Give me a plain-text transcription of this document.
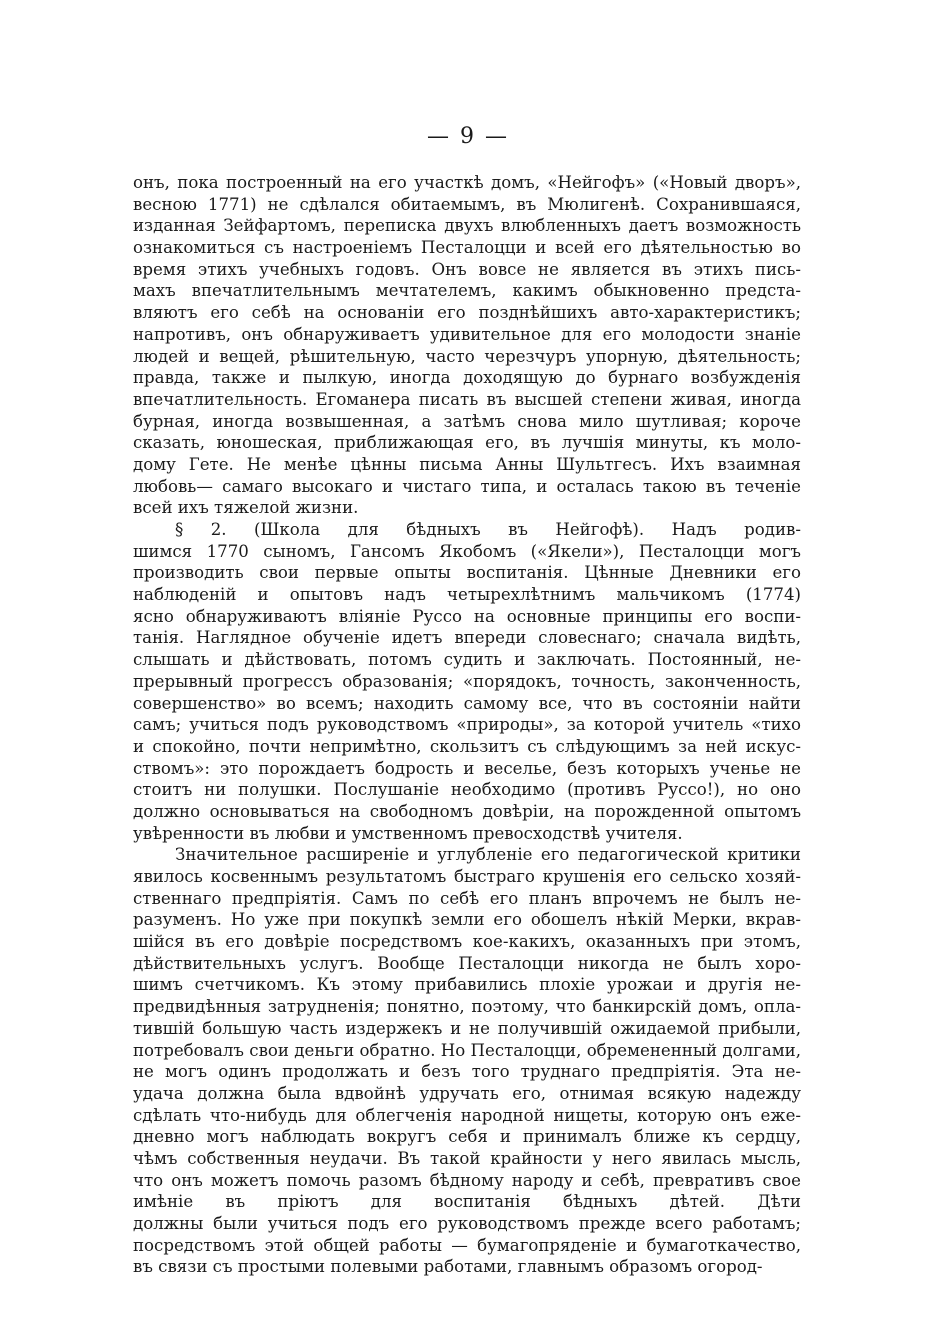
— 9 —
онъ, пока построенный на его участкѣ домъ, «Нейгофъ» («Новый дворъ»,
весною 1771) не сдѣлался обитаемымъ, въ Мюлигенѣ. Сохранившаяся,
изданная Зейфартомъ, переписка двухъ влюбленныхъ даетъ возможность
ознакомиться съ настроеніемъ Песталоцци и всей его дѣятельностью во
время этихъ учебныхъ годовъ. Онъ вовсе не является въ этихъ пись-
махъ впечатлительнымъ мечтателемъ, какимъ обыкновенно предста-
вляютъ его себѣ на основаніи его позднѣйшихъ авто-характеристикъ;
напротивъ, онъ обнаруживаетъ удивительное для его молодости знаніе
людей и вещей, рѣшительную, часто черезчуръ упорную, дѣятельность;
правда, также и пылкую, иногда доходящую до бурнаго возбужденія
впечатлительность. Егоманера писать въ высшей степени живая, иногда
бурная, иногда возвышенная, а затѣмъ снова мило шутливая; короче
сказать, юношеская, приближающая его, въ лучшія минуты, къ моло-
дому Гете. Не менѣе цѣнны письма Анны Шультгесъ. Ихъ взаимная
любовь— самаго высокаго и чистаго типа, и осталась такою въ теченіе
всей ихъ тяжелой жизни.
§ 2. (Школа для бѣдныхъ въ Нейгофѣ). Надъ родив-
шимся 1770 сыномъ, Гансомъ Якобомъ («Якели»), Песталоцци могъ
производить свои первые опыты воспитанія. Цѣнные Дневники его
наблюденій и опытовъ надъ четырехлѣтнимъ мальчикомъ (1774)
ясно обнаруживаютъ вліяніе Руссо на основные принципы его воспи-
танія. Наглядное обученіе идетъ впереди словеснаго; сначала видѣть,
слышать и дѣйствовать, потомъ судить и заключать. Постоянный, не-
прерывный прогрессъ образованія; «порядокъ, точность, законченность,
совершенство» во всемъ; находить самому все, что въ состояніи найти
самъ; учиться подъ руководствомъ «природы», за которой учитель «тихо
и спокойно, почти непримѣтно, скользитъ съ слѣдующимъ за ней искус-
ствомъ»: это порождаетъ бодрость и веселье, безъ которыхъ ученье не
стоитъ ни полушки. Послушаніе необходимо (противъ Руссо!), но оно
должно основываться на свободномъ довѣріи, на порожденной опытомъ
увѣренности въ любви и умственномъ превосходствѣ учителя.
Значительное расширеніе и углубленіе его педагогической критики
явилось косвеннымъ результатомъ быстраго крушенія его сельско хозяй-
ственнаго предпріятія. Самъ по себѣ его планъ впрочемъ не былъ не-
разуменъ. Но уже при покупкѣ земли его обошелъ нѣкій Мерки, вкрав-
шійся въ его довѣріе посредствомъ кое-какихъ, оказанныхъ при этомъ,
дѣйствительныхъ услугъ. Вообще Песталоцци никогда не былъ хоро-
шимъ счетчикомъ. Къ этому прибавились плохіе урожаи и другія не-
предвидѣнныя затрудненія; понятно, поэтому, что банкирскій домъ, опла-
тившій большую часть издержекъ и не получившій ожидаемой прибыли,
потребовалъ свои деньги обратно. Но Песталоцци, обремененный долгами,
не могъ одинъ продолжать и безъ того труднаго предпріятія. Эта не-
удача должна была вдвойнѣ удручать его, отнимая всякую надежду
сдѣлать что-нибудь для облегченія народной нищеты, которую онъ еже-
дневно могъ наблюдать вокругъ себя и принималъ ближе къ сердцу,
чѣмъ собственныя неудачи. Въ такой крайности у него явилась мысль,
что онъ можетъ помочь разомъ бѣдному народу и себѣ, превративъ свое
имѣніе въ пріютъ для воспитанія бѣдныхъ дѣтей. Дѣти
должны были учиться подъ его руководствомъ прежде всего работамъ;
посредствомъ этой общей работы — бумагопряденіе и бумаготкачество,
въ связи съ простыми полевыми работами, главнымъ образомъ огород-
